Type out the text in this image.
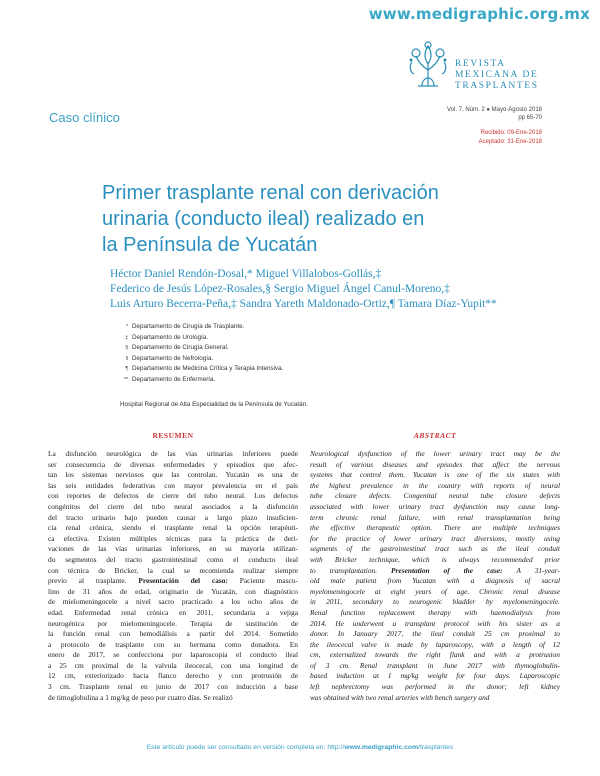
www.medigraphic.org.mx
REVISTA
MEXICANA DE
TRASPLANTES
Caso clínico	Vol. 7, Núm. 2 ● Mayo-Agosto 2018
pp 65-70
Recibido: 09-Ene-2018
Aceptado: 31-Ene-2018
Primer trasplante renal con derivación
urinaria (conducto ileal) realizado en
la Península de Yucatán
Héctor Daniel Rendón-Dosal,* Miguel Villalobos-Gollás,‡
Federico de Jesús López-Rosales,§ Sergio Miguel Ángel Canul-Moreno,‡
Luis Arturo Becerra-Peña,‡ Sandra Yareth Maldonado-Ortiz,¶ Tamara Díaz-Yupit**
* Departamento de Cirugía de Trasplante.
‡ Departamento de Urología.
§ Departamento de Cirugía General.
‖ Departamento de Nefrología.
¶ Departamento de Medicina Crítica y Terapia Intensiva.
** Departamento de Enfermería.
Hospital Regional de Alta Especialidad de la Península de Yucatán.
RESUMEN	ABSTRACT
La disfunción neurológica de las vías urinarias inferiores puede
ser consecuencia de diversas enfermedades y episodios que afec-
tan los sistemas nerviosos que las controlan. Yucatán es una de
las seis entidades federativas con mayor prevalencia en el país
con reportes de defectos de cierre del tubo neural. Los defectos
congénitos del cierre del tubo neural asociados a la disfunción
del tracto urinario bajo pueden causar a largo plazo insuficien-
cia renal crónica, siendo el trasplante renal la opción terapéuti-
ca efectiva. Existen múltiples técnicas para la práctica de deri-
vaciones de las vías urinarias inferiores, en su mayoría utilizan-
do segmentos del tracto gastrointestinal como el conducto ileal
con técnica de Bricker, la cual se recomienda realizar siempre
previo al trasplante. Presentación del caso: Paciente mascu-
lino de 31 años de edad, originario de Yucatán, con diagnóstico
de mielomeningocele a nivel sacro practicado a los ocho años de
edad. Enfermedad renal crónica en 2011, secundaria a vejiga
neurogénica por mielomeningocele. Terapia de sustitución de
la función renal con hemodiálisis a partir del 2014. Sometido
a protocolo de trasplante con su hermana como donadora. En
enero de 2017, se confecciona por laparoscopia el conducto ileal
a 25 cm proximal de la valvula ileocecal, con una longitud de
12 cm, exteriorizado hacia flanco derecho y con protrusión de
3 cm. Trasplante renal en junio de 2017 con inducción a base
de timoglobulina a 1 mg/kg de peso por cuatro días. Se realizó
Neurological dysfunction of the lower urinary tract may be the
result of various diseases and episodes that affect the nervous
systems that control them. Yucatan is one of the six states with
the highest prevalence in the country with reports of neural
tube closure defects. Congenital neural tube closure defects
associated with lower urinary tract dysfunction may cause long-
term chronic renal failure, with renal transplantation being
the effective therapeutic option. There are multiple techniques
for the practice of lower urinary tract diversions, mostly using
segments of the gastrointestinal tract such as the ileal conduit
with Bricker technique, which is always recommended prior
to transplantation. Presentation of the case: A 31-year-
old male patient from Yucatan with a diagnosis of sacral
myelomeningocele at eight years of age. Chronic renal disease
in 2011, secondary to neurogenic bladder by myelomeningocele.
Renal function replacement therapy with haemodialysis from
2014. He underwent a transplant protocol with his sister as a
donor. In January 2017, the ileal conduit 25 cm proximal to
the ileocecal valve is made by laparoscopy, with a length of 12
cm, externalized towards the right flank and with a protrusion
of 3 cm. Renal transplant in June 2017 with thymoglobulin-
based induction at 1 mg/kg weight for four days. Laparoscopic
left nephrectomy was performed in the donor; left kidney
was obtained with two renal arteries with bench surgery and
Este artículo puede ser consultado en versión completa en: http://www.medigraphic.com/trasplantes
